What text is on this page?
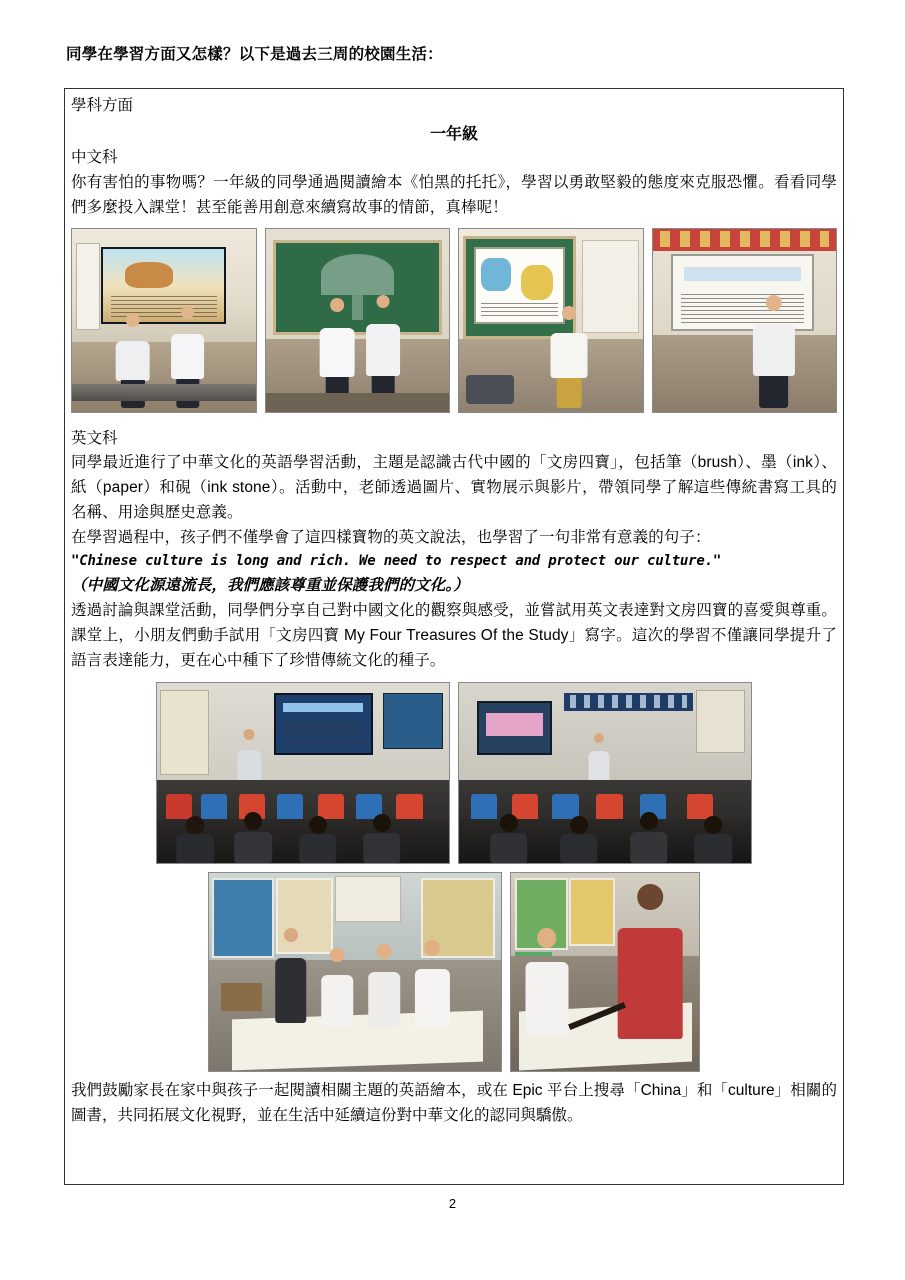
同學在學習方面又怎樣？以下是過去三周的校園生活：
學科方面
一年級
中文科
你有害怕的事物嗎？一年級的同學通過閱讀繪本《怕黑的托托》，學習以勇敢堅毅的態度來克服恐懼。看看同學們多麼投入課堂！甚至能善用創意來續寫故事的情節，真棒呢！
英文科
同學最近進行了中華文化的英語學習活動，主題是認識古代中國的「文房四寶」，包括筆（brush）、墨（ink）、紙（paper）和硯（ink stone）。活動中，老師透過圖片、實物展示與影片，帶領同學了解這些傳統書寫工具的名稱、用途與歷史意義。
在學習過程中，孩子們不僅學會了這四樣寶物的英文說法，也學習了一句非常有意義的句子：
"Chinese culture is long and rich. We need to respect and protect our culture."
（中國文化源遠流長，我們應該尊重並保護我們的文化。）
透過討論與課堂活動，同學們分享自己對中國文化的觀察與感受，並嘗試用英文表達對文房四寶的喜愛與尊重。課堂上，小朋友們動手試用「文房四寶 My Four Treasures Of the Study」寫字。這次的學習不僅讓同學提升了語言表達能力，更在心中種下了珍惜傳統文化的種子。
我們鼓勵家長在家中與孩子一起閱讀相關主題的英語繪本，或在 Epic 平台上搜尋「China」和「culture」相關的圖書，共同拓展文化視野，並在生活中延續這份對中華文化的認同與驕傲。
2
